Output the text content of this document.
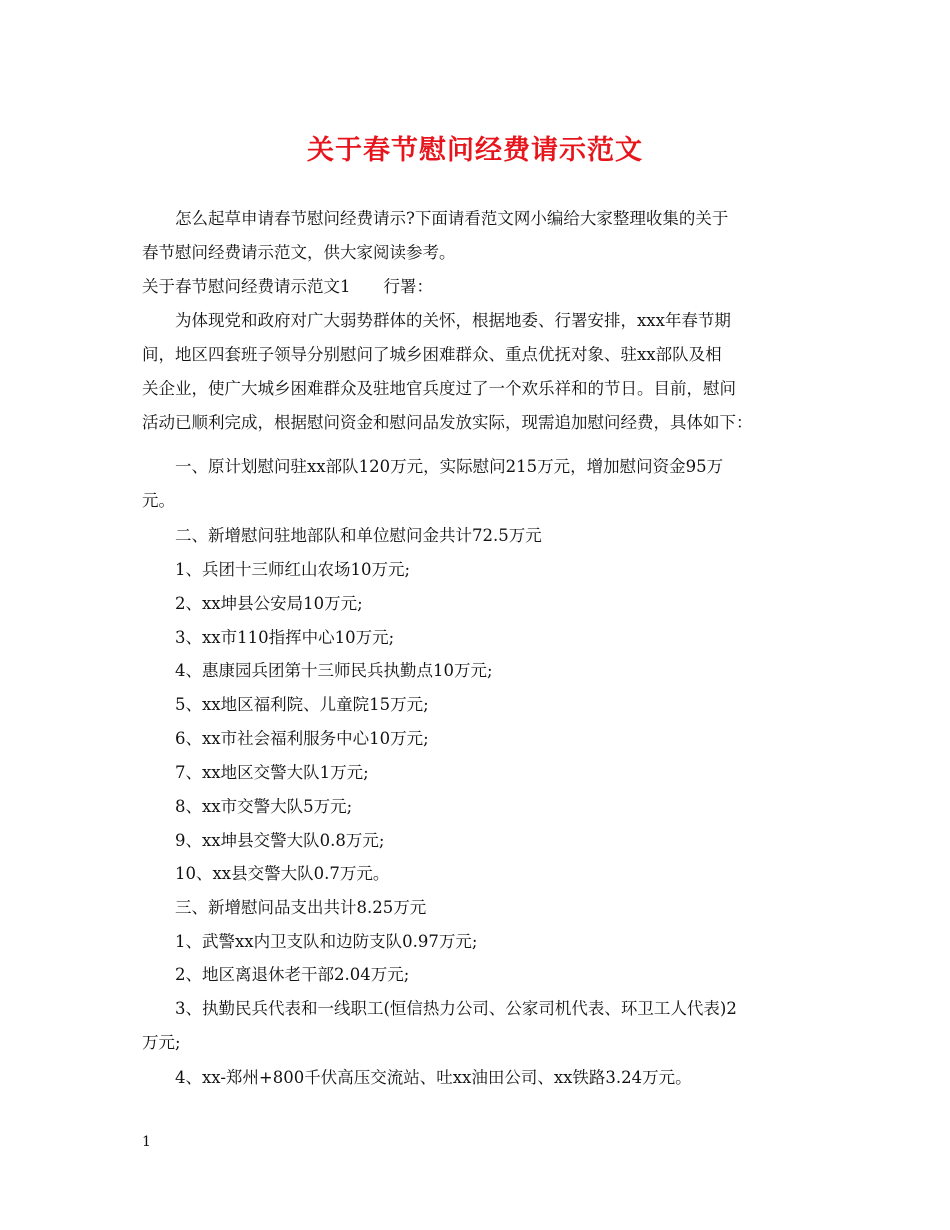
关于春节慰问经费请示范文
怎么起草申请春节慰问经费请示?下面请看范文网小编给大家整理收集的关于
春节慰问经费请示范文，供大家阅读参考。
关于春节慰问经费请示范文1　　行署：
为体现党和政府对广大弱势群体的关怀，根据地委、行署安排，xxx年春节期
间，地区四套班子领导分别慰问了城乡困难群众、重点优抚对象、驻xx部队及相
关企业，使广大城乡困难群众及驻地官兵度过了一个欢乐祥和的节日。目前，慰问
活动已顺利完成，根据慰问资金和慰问品发放实际，现需追加慰问经费，具体如下：
一、原计划慰问驻xx部队120万元，实际慰问215万元，增加慰问资金95万
元。
二、新增慰问驻地部队和单位慰问金共计72.5万元
1、兵团十三师红山农场10万元;
2、xx坤县公安局10万元;
3、xx市110指挥中心10万元;
4、惠康园兵团第十三师民兵执勤点10万元;
5、xx地区福利院、儿童院15万元;
6、xx市社会福利服务中心10万元;
7、xx地区交警大队1万元;
8、xx市交警大队5万元;
9、xx坤县交警大队0.8万元;
10、xx县交警大队0.7万元。
三、新增慰问品支出共计8.25万元
1、武警xx内卫支队和边防支队0.97万元;
2、地区离退休老干部2.04万元;
3、执勤民兵代表和一线职工(恒信热力公司、公家司机代表、环卫工人代表)2
万元;
4、xx-郑州+800千伏高压交流站、吐xx油田公司、xx铁路3.24万元。
1
